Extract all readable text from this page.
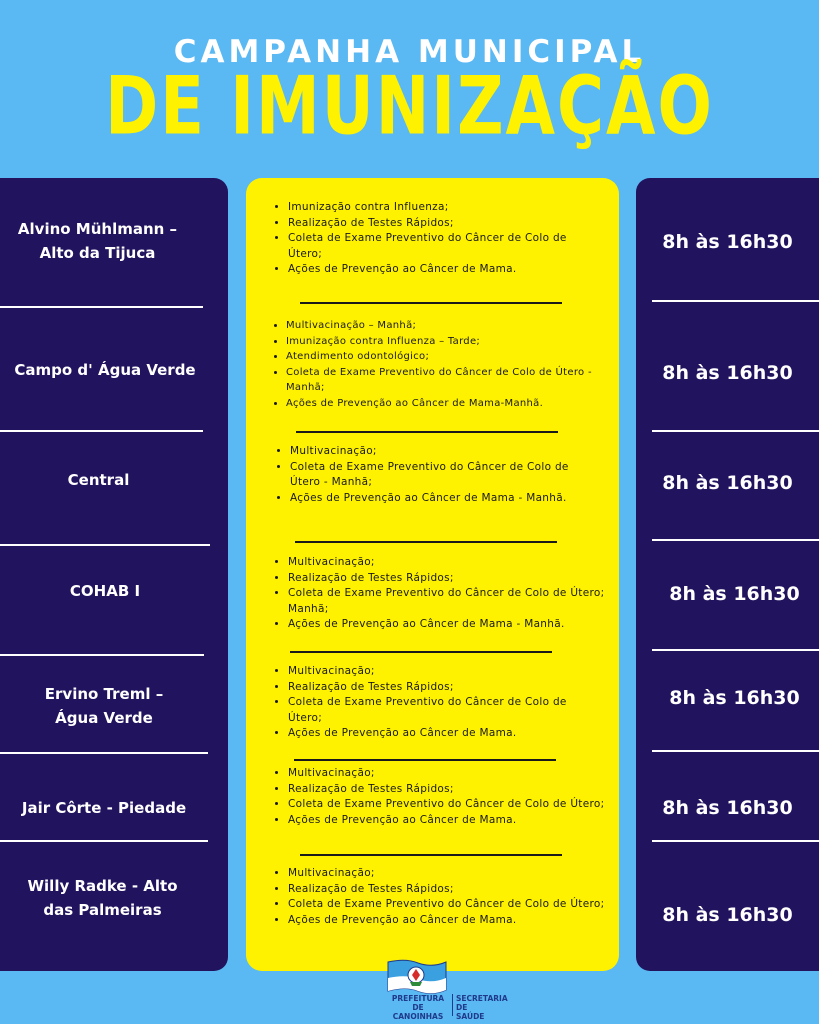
CAMPANHA MUNICIPAL
DE IMUNIZAÇÃO
Alvino Mühlmann –
Alto da Tijuca
• Imunização contra Influenza;
• Realização de Testes Rápidos;
• Coleta de Exame Preventivo do Câncer de Colo de Útero;
• Ações de Prevenção ao Câncer de Mama.
8h às 16h30
Campo d' Água Verde
• Multivacinação – Manhã;
• Imunização contra Influenza – Tarde;
• Atendimento odontológico;
• Coleta de Exame Preventivo do Câncer de Colo de Útero - Manhã;
• Ações de Prevenção ao Câncer de Mama-Manhã.
8h às 16h30
Central
• Multivacinação;
• Coleta de Exame Preventivo do Câncer de Colo de Útero - Manhã;
• Ações de Prevenção ao Câncer de Mama - Manhã.
8h às 16h30
COHAB I
• Multivacinação;
• Realização de Testes Rápidos;
• Coleta de Exame Preventivo do Câncer de Colo de Útero; Manhã;
• Ações de Prevenção ao Câncer de Mama - Manhã.
8h às 16h30
Ervino Treml –
Água Verde
• Multivacinação;
• Realização de Testes Rápidos;
• Coleta de Exame Preventivo do Câncer de Colo de Útero;
• Ações de Prevenção ao Câncer de Mama.
8h às 16h30
Jair Côrte - Piedade
• Multivacinação;
• Realização de Testes Rápidos;
• Coleta de Exame Preventivo do Câncer de Colo de Útero;
• Ações de Prevenção ao Câncer de Mama.
8h às 16h30
Willy Radke - Alto
das Palmeiras
• Multivacinação;
• Realização de Testes Rápidos;
• Coleta de Exame Preventivo do Câncer de Colo de Útero;
• Ações de Prevenção ao Câncer de Mama.	8h às 16h30
PREFEITURA DE
CANOINHAS
SECRETARIA DE
SAÚDE
